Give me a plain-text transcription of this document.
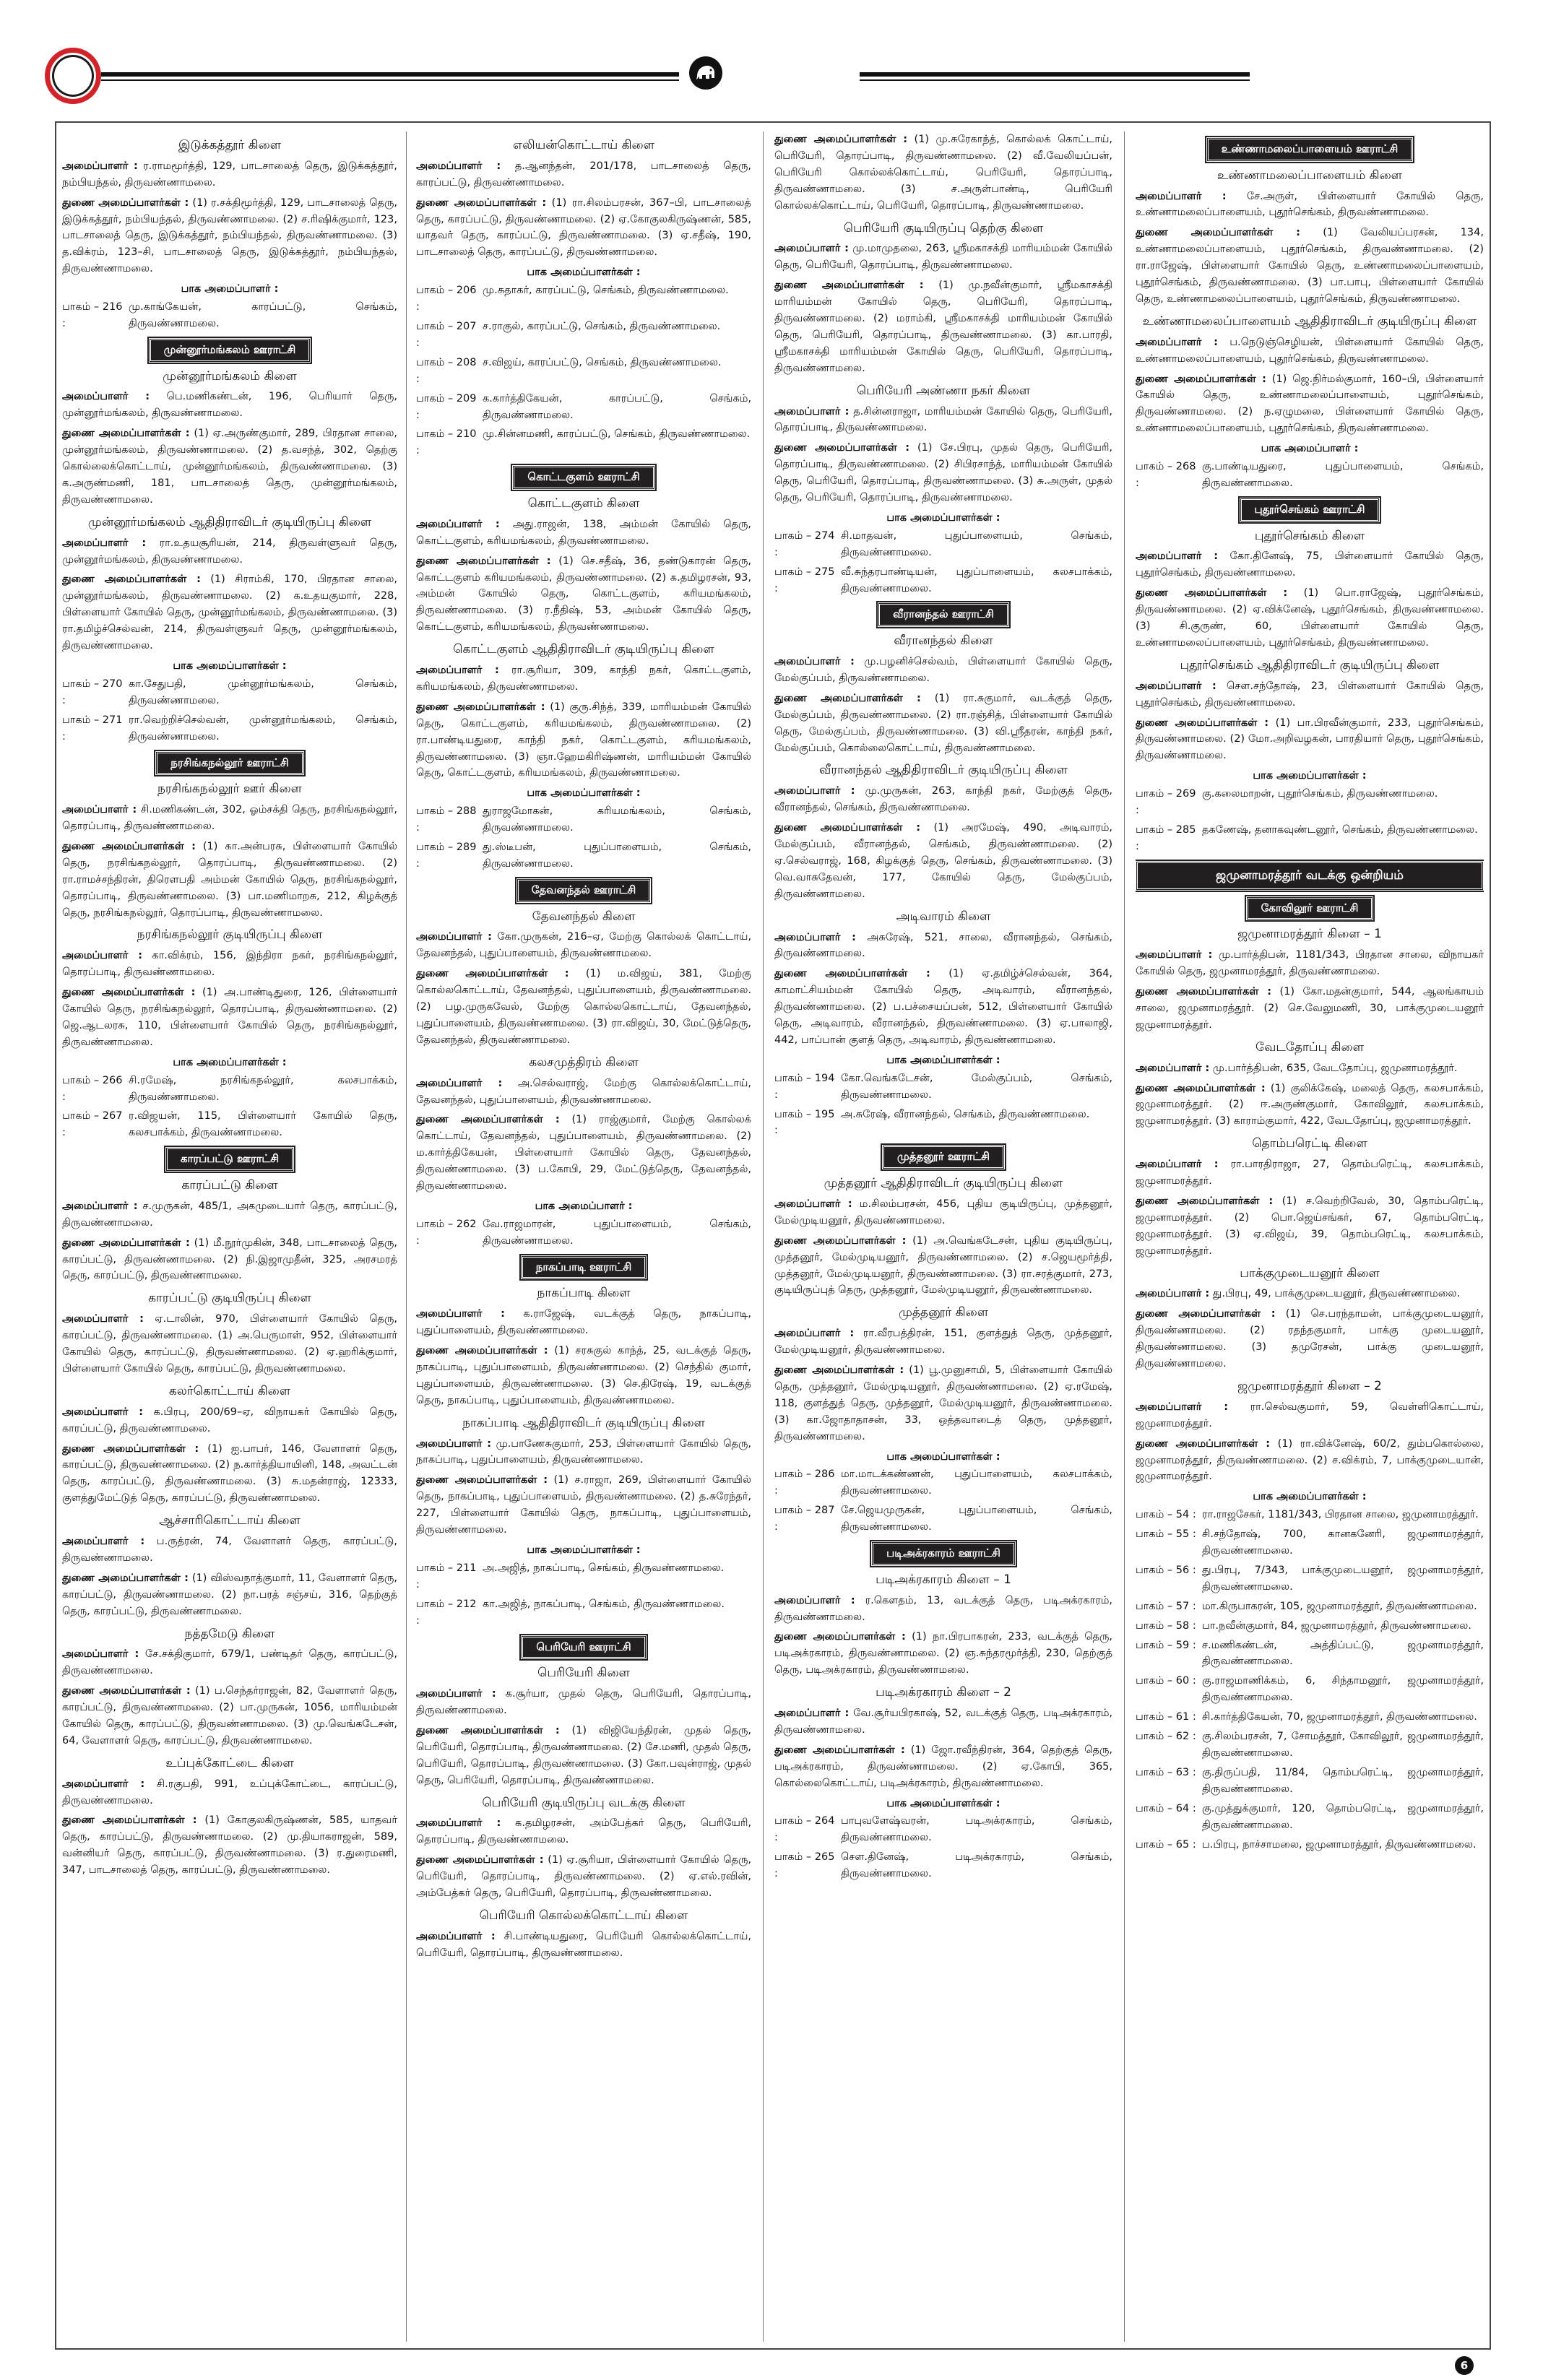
இடுக்கத்தூர் கிளை
அமைப்பாளர் : ர.ராமமூர்த்தி, 129, பாடசாலைத் தெரு, இடுக்கத்தூர், நம்பியந்தல், திருவண்ணாமலை.
துணை அமைப்பாளர்கள் : (1) ர.சக்திமூர்த்தி, 129, பாடசாலைத் தெரு, இடுக்கத்தூர், நம்பியந்தல், திருவண்ணாமலை. (2) ச.ரிஷிக்குமார், 123, பாடசாலைத் தெரு, இடுக்கத்தூர், நம்பியந்தல், திருவண்ணாமலை. (3) த.விக்ரம், 123–சி, பாடசாலைத் தெரு, இடுக்கத்தூர், நம்பியந்தல், திருவண்ணாமலை.
பாக அமைப்பாளர் :
பாகம் – 216 :
மு.காங்கேயன், காரப்பட்டு, செங்கம், திருவண்ணாமலை.
முன்னூர்மங்கலம் ஊராட்சி
முன்னூர்மங்கலம் கிளை
அமைப்பாளர் : பெ.மணிகண்டன், 196, பெரியார் தெரு, முன்னூர்மங்கலம், திருவண்ணாமலை.
துணை அமைப்பாளர்கள் : (1) ஏ.அருண்குமார், 289, பிரதான சாலை, முன்னூர்மங்கலம், திருவண்ணாமலை. (2) த.வசந்த், 302, தெற்கு கொல்லைக்கொட்டாய், முன்னூர்மங்கலம், திருவண்ணாமலை. (3) க.அருண்மணி, 181, பாடசாலைத் தெரு, முன்னூர்மங்கலம், திருவண்ணாமலை.
முன்னூர்மங்கலம் ஆதிதிராவிடர் குடியிருப்பு கிளை
அமைப்பாளர் : ரா.உதயசூரியன், 214, திருவள்ளுவர் தெரு, முன்னூர்மங்கலம், திருவண்ணாமலை.
துணை அமைப்பாளர்கள் : (1) சிராம்கி, 170, பிரதான சாலை, முன்னூர்மங்கலம், திருவண்ணாமலை. (2) க.உதயகுமார், 228, பிள்ளையார் கோயில் தெரு, முன்னூர்மங்கலம், திருவண்ணாமலை. (3) ரா.தமிழ்ச்செல்வன், 214, திருவள்ளுவர் தெரு, முன்னூர்மங்கலம், திருவண்ணாமலை.
பாக அமைப்பாளர்கள் :
பாகம் – 270 :
கா.சேதுபதி, முன்னூர்மங்கலம், செங்கம், திருவண்ணாமலை.
பாகம் – 271 :
ரா.வெற்றிச்செல்வன், முன்னூர்மங்கலம், செங்கம், திருவண்ணாமலை.
நரசிங்கநல்லூர் ஊராட்சி
நரசிங்கநல்லூர் ஊர் கிளை
அமைப்பாளர் : சி.மணிகண்டன், 302, ஓம்சக்தி தெரு, நரசிங்கநல்லூர், தொரப்பாடி, திருவண்ணாமலை.
துணை அமைப்பாளர்கள் : (1) கா.அன்பரசு, பிள்ளையார் கோயில் தெரு, நரசிங்கநல்லூர், தொரப்பாடி, திருவண்ணாமலை. (2) ரா.ராமச்சந்திரன், திரௌபதி அம்மன் கோயில் தெரு, நரசிங்கநல்லூர், தொரப்பாடி, திருவண்ணாமலை. (3) பா.மணிமாறசு, 212, கிழக்குத் தெரு, நரசிங்கநல்லூர், தொரப்பாடி, திருவண்ணாமலை.
நரசிங்கநல்லூர் குடியிருப்பு கிளை
அமைப்பாளர் : கா.விக்ரம், 156, இந்திரா நகர், நரசிங்கநல்லூர், தொரப்பாடி, திருவண்ணாமலை.
துணை அமைப்பாளர்கள் : (1) அ.பாண்டிதுரை, 126, பிள்ளையார் கோயில் தெரு, நரசிங்கநல்லூர், தொரப்பாடி, திருவண்ணாமலை. (2) ஜெ.ஆடலரசு, 110, பிள்ளையார் கோயில் தெரு, நரசிங்கநல்லூர், திருவண்ணாமலை.
பாக அமைப்பாளர்கள் :
பாகம் – 266 :
சி.ரமேஷ், நரசிங்கநல்லூர், கலசபாக்கம், திருவண்ணாமலை.
பாகம் – 267 :
ர.விஜயன், 115, பிள்ளையார் கோயில் தெரு, கலசபாக்கம், திருவண்ணாமலை.
காரப்பட்டு ஊராட்சி
காரப்பட்டு கிளை
அமைப்பாளர் : ச.முருகன், 485/1, அகமுடையார் தெரு, காரப்பட்டு, திருவண்ணாமலை.
துணை அமைப்பாளர்கள் : (1) மீ.நூர்முகின், 348, பாடசாலைத் தெரு, காரப்பட்டு, திருவண்ணாமலை. (2) நி.இஜாமுதீன், 325, அரசமரத் தெரு, காரப்பட்டு, திருவண்ணாமலை.
காரப்பட்டு குடியிருப்பு கிளை
அமைப்பாளர் : ஏ.டாலின், 970, பிள்ளையார் கோயில் தெரு, காரப்பட்டு, திருவண்ணாமலை. (1) அ.பெருமாள், 952, பிள்ளையார் கோயில் தெரு, காரப்பட்டு, திருவண்ணாமலை. (2) ஏ.ஹரிக்குமார், பிள்ளையார் கோயில் தெரு, காரப்பட்டு, திருவண்ணாமலை.
கலர்கொட்டாய் கிளை
அமைப்பாளர் : க.பிரபு, 200/69–ஏ, விநாயகர் கோயில் தெரு, காரப்பட்டு, திருவண்ணாமலை.
துணை அமைப்பாளர்கள் : (1) ஐ.பாபர், 146, வேளாளர் தெரு, காரப்பட்டு, திருவண்ணாமலை. (2) ந.கார்த்தியாயினி, 148, அவட்டன் தெரு, காரப்பட்டு, திருவண்ணாமலை. (3) சு.மதன்ராஜ், 12333, குளத்துமேட்டுத் தெரு, காரப்பட்டு, திருவண்ணாமலை.
ஆச்சாரிகொட்டாய் கிளை
அமைப்பாளர் : ப.ருத்ரன், 74, வேளாளர் தெரு, காரப்பட்டு, திருவண்ணாமலை.
துணை அமைப்பாளர்கள் : (1) விஸ்வநாத்குமார், 11, வேளாளர் தெரு, காரப்பட்டு, திருவண்ணாமலை. (2) நா.பரத் சஞ்சய், 316, தெற்குத் தெரு, காரப்பட்டு, திருவண்ணாமலை.
நத்தமேடு கிளை
அமைப்பாளர் : சே.சக்திகுமார், 679/1, பண்டிதர் தெரு, காரப்பட்டு, திருவண்ணாமலை.
துணை அமைப்பாளர்கள் : (1) ப.செந்தர்ராஜன், 82, வேளாளர் தெரு, காரப்பட்டு, திருவண்ணாமலை. (2) பா.முருகன், 1056, மாரியம்மன் கோயில் தெரு, காரப்பட்டு, திருவண்ணாமலை. (3) மு.வெங்கடேசன், 64, வேளாளர் தெரு, காரப்பட்டு, திருவண்ணாமலை.
உப்புக்கோட்டை கிளை
அமைப்பாளர் : சி.ரகுபதி, 991, உப்புக்கோட்டை, காரப்பட்டு, திருவண்ணாமலை.
துணை அமைப்பாளர்கள் : (1) கோகுலகிருஷ்ணன், 585, யாதவர் தெரு, காரப்பட்டு, திருவண்ணாமலை. (2) மு.தியாகராஜன், 589, வன்னியர் தெரு, காரப்பட்டு, திருவண்ணாமலை. (3) ர.துரைமணி, 347, பாடசாலைத் தெரு, காரப்பட்டு, திருவண்ணாமலை.
எலியன்கொட்டாய் கிளை
அமைப்பாளர் : த.ஆனந்தன், 201/178, பாடசாலைத் தெரு, காரப்பட்டு, திருவண்ணாமலை.
துணை அமைப்பாளர்கள் : (1) ரா.சிலம்பரசன், 367–பி, பாடசாலைத் தெரு, காரப்பட்டு, திருவண்ணாமலை. (2) ஏ.கோகுலகிருஷ்ணன், 585, யாதவர் தெரு, காரப்பட்டு, திருவண்ணாமலை. (3) ஏ.சதீஷ், 190, பாடசாலைத் தெரு, காரப்பட்டு, திருவண்ணாமலை.
பாக அமைப்பாளர்கள் :
பாகம் – 206 :
மு.சுதாகர், காரப்பட்டு, செங்கம், திருவண்ணாமலை.
பாகம் – 207 :
ச.ராகுல், காரப்பட்டு, செங்கம், திருவண்ணாமலை.
பாகம் – 208 :
ச.விஜய், காரப்பட்டு, செங்கம், திருவண்ணாமலை.
பாகம் – 209 :
க.கார்த்திகேயன், காரப்பட்டு, செங்கம், திருவண்ணாமலை.
பாகம் – 210 :
மு.சின்னமணி, காரப்பட்டு, செங்கம், திருவண்ணாமலை.
கொட்டகுளம் ஊராட்சி
கொட்டகுளம் கிளை
அமைப்பாளர் : அது.ராஜன், 138, அம்மன் கோயில் தெரு, கொட்டகுளம், கரியமங்கலம், திருவண்ணாமலை.
துணை அமைப்பாளர்கள் : (1) செ.சதீஷ், 36, தண்டுகாரன் தெரு, கொட்டகுளம் கரியமங்கலம், திருவண்ணாமலை. (2) க.தமிழரசன், 93, அம்மன் கோயில் தெரு, கொட்டகுளம், கரியமங்கலம், திருவண்ணாமலை. (3) ர.நீதிஷ், 53, அம்மன் கோயில் தெரு, கொட்டகுளம், கரியமங்கலம், திருவண்ணாமலை.
கொட்டகுளம் ஆதிதிராவிடர் குடியிருப்பு கிளை
அமைப்பாளர் : ரா.சூரியா, 309, காந்தி நகர், கொட்டகுளம், கரியமங்கலம், திருவண்ணாமலை.
துணை அமைப்பாளர்கள் : (1) குரு.சிந்த், 339, மாரியம்மன் கோயில் தெரு, கொட்டகுளம், கரியமங்கலம், திருவண்ணாமலை. (2) ரா.பாண்டியதுரை, காந்தி நகர், கொட்டகுளம், கரியமங்கலம், திருவண்ணாமலை. (3) ஞா.ஹேமகிரிஷ்ணன், மாரியம்மன் கோயில் தெரு, கொட்டகுளம், கரியமங்கலம், திருவண்ணாமலை.
பாக அமைப்பாளர்கள் :
பாகம் – 288 :
துராஜமோகன், கரியமங்கலம், செங்கம், திருவண்ணாமலை.
பாகம் – 289 :
து.ஸ்டீபன், புதுப்பாளையம், செங்கம், திருவண்ணாமலை.
தேவனந்தல் ஊராட்சி
தேவனந்தல் கிளை
அமைப்பாளர் : கோ.முருகன், 216–ஏ, மேற்கு கொல்லக் கொட்டாய், தேவனந்தல், புதுப்பாளையம், திருவண்ணாமலை.
துணை அமைப்பாளர்கள் : (1) ம.விஜய், 381, மேற்கு கொல்லகொட்டாய், தேவனந்தல், புதுப்பாளையம், திருவண்ணாமலை. (2) பழ.முருகவேல், மேற்கு கொல்லகொட்டாய், தேவனந்தல், புதுப்பாளையம், திருவண்ணாமலை. (3) ரா.விஜய், 30, மேட்டுத்தெரு, தேவனந்தல், திருவண்ணாமலை.
கலசமுத்திரம் கிளை
அமைப்பாளர் : அ.செல்வராஜ், மேற்கு கொல்லக்கொட்டாய், தேவனந்தல், புதுப்பாளையம், திருவண்ணாமலை.
துணை அமைப்பாளர்கள் : (1) ராஜ்குமார், மேற்கு கொல்லக் கொட்டாய், தேவனந்தல், புதுப்பாளையம், திருவண்ணாமலை. (2) ம.கார்த்திகேயன், பிள்ளையார் கோயில் தெரு, தேவனந்தல், திருவண்ணாமலை. (3) ப.கோபி, 29, மேட்டுத்தெரு, தேவனந்தல், திருவண்ணாமலை.
பாக அமைப்பாளர் :
பாகம் – 262 :
வே.ராஜமாரன், புதுப்பாளையம், செங்கம், திருவண்ணாமலை.
நாகப்பாடி ஊராட்சி
நாகப்பாடி கிளை
அமைப்பாளர் : க.ராஜேஷ், வடக்குத் தெரு, நாகப்பாடி, புதுப்பாளையம், திருவண்ணாமலை.
துணை அமைப்பாளர்கள் : (1) சரசுகுல் காந்த், 25, வடக்குத் தெரு, நாகப்பாடி, புதுப்பாளையம், திருவண்ணாமலை. (2) செந்தில் குமார், புதுப்பாளையம், திருவண்ணாமலை. (3) செ.திரேஷ், 19, வடக்குத் தெரு, நாகப்பாடி, புதுப்பாளையம், திருவண்ணாமலை.
நாகப்பாடி ஆதிதிராவிடர் குடியிருப்பு கிளை
அமைப்பாளர் : மு.பாணேசுகுமார், 253, பிள்ளையார் கோயில் தெரு, நாகப்பாடி, புதுப்பாளையம், திருவண்ணாமலை.
துணை அமைப்பாளர்கள் : (1) ச.ராஜா, 269, பிள்ளையார் கோயில் தெரு, நாகப்பாடி, புதுப்பாளையம், திருவண்ணாமலை. (2) த.சுரேந்தர், 227, பிள்ளையார் கோயில் தெரு, நாகப்பாடி, புதுப்பாளையம், திருவண்ணாமலை.
பாக அமைப்பாளர்கள் :
பாகம் – 211 :
அ.அஜித், நாகப்பாடி, செங்கம், திருவண்ணாமலை.
பாகம் – 212 :
கா.அஜித், நாகப்பாடி, செங்கம், திருவண்ணாமலை.
பெரியேரி ஊராட்சி
பெரியேரி கிளை
அமைப்பாளர் : க.சூர்யா, முதல் தெரு, பெரியேரி, தொரப்பாடி, திருவண்ணாமலை.
துணை அமைப்பாளர்கள் : (1) விஜியேந்திரன், முதல் தெரு, பெரியேரி, தொரப்பாடி, திருவண்ணாமலை. (2) சே.மணி, முதல் தெரு, பெரியேரி, தொரப்பாடி, திருவண்ணாமலை. (3) கோ.பவுன்ராஜ், முதல் தெரு, பெரியேரி, தொரப்பாடி, திருவண்ணாமலை.
பெரியேரி குடியிருப்பு வடக்கு கிளை
அமைப்பாளர் : க.தமிழரசன், அம்பேத்கர் தெரு, பெரியேரி, தொரப்பாடி, திருவண்ணாமலை.
துணை அமைப்பாளர்கள் : (1) ஏ.சூரியா, பிள்ளையார் கோயில் தெரு, பெரியேரி, தொரப்பாடி, திருவண்ணாமலை. (2) ஏ.எல்.ரவின், அம்பேத்கர் தெரு, பெரியேரி, தொரப்பாடி, திருவண்ணாமலை.
பெரியேரி கொல்லக்கொட்டாய் கிளை
அமைப்பாளர் : சி.பாண்டியதுரை, பெரியேரி கொல்லக்கொட்டாய், பெரியேரி, தொரப்பாடி, திருவண்ணாமலை.
துணை அமைப்பாளர்கள் : (1) மு.சுரேகாந்த், கொல்லக் கொட்டாய், பெரியேரி, தொரப்பாடி, திருவண்ணாமலை. (2) வீ.வேலியப்பன், பெரியேரி கொல்லக்கொட்டாய், பெரியேரி, தொரப்பாடி, திருவண்ணாமலை. (3) ச.அருள்பாண்டி, பெரியேரி கொல்லக்கொட்டாய், பெரியேரி, தொரப்பாடி, திருவண்ணாமலை.
பெரியேரி குடியிருப்பு தெற்கு கிளை
அமைப்பாளர் : மு.மாமுதலை, 263, ஸ்ரீமகாசக்தி மாரியம்மன் கோயில் தெரு, பெரியேரி, தொரப்பாடி, திருவண்ணாமலை.
துணை அமைப்பாளர்கள் : (1) மு.நவீன்குமார், ஸ்ரீமகாசக்தி மாரியம்மன் கோயில் தெரு, பெரியேரி, தொரப்பாடி, திருவண்ணாமலை. (2) மராம்கி, ஸ்ரீமகாசக்தி மாரியம்மன் கோயில் தெரு, பெரியேரி, தொரப்பாடி, திருவண்ணாமலை. (3) கா.பாரதி, ஸ்ரீமகாசக்தி மாரியம்மன் கோயில் தெரு, பெரியேரி, தொரப்பாடி, திருவண்ணாமலை.
பெரியேரி அண்ணா நகர் கிளை
அமைப்பாளர் : த.சின்னராஜா, மாரியம்மன் கோயில் தெரு, பெரியேரி, தொரப்பாடி, திருவண்ணாமலை.
துணை அமைப்பாளர்கள் : (1) சே.பிரபு, முதல் தெரு, பெரியேரி, தொரப்பாடி, திருவண்ணாமலை. (2) சிபிரசாந்த், மாரியம்மன் கோயில் தெரு, பெரியேரி, தொரப்பாடி, திருவண்ணாமலை. (3) சு.அருள், முதல் தெரு, பெரியேரி, தொரப்பாடி, திருவண்ணாமலை.
பாக அமைப்பாளர்கள் :
பாகம் – 274 :
சி.மாதவன், புதுப்பாளையம், செங்கம், திருவண்ணாமலை.
பாகம் – 275 :
வீ.சுந்தரபாண்டியன், புதுப்பாளையம், கலசபாக்கம், திருவண்ணாமலை.
வீரானந்தல் ஊராட்சி
வீரானந்தல் கிளை
அமைப்பாளர் : மு.பழனிச்செல்வம், பிள்ளையார் கோயில் தெரு, மேல்குப்பம், திருவண்ணாமலை.
துணை அமைப்பாளர்கள் : (1) ரா.சுகுமார், வடக்குத் தெரு, மேல்குப்பம், திருவண்ணாமலை. (2) ரா.ரஞ்சித், பிள்ளையார் கோயில் தெரு, மேல்குப்பம், திருவண்ணாமலை. (3) வி.ஸ்ரீதரன், காந்தி நகர், மேல்குப்பம், கொல்லைகொட்டாய், திருவண்ணாமலை.
வீரானந்தல் ஆதிதிராவிடர் குடியிருப்பு கிளை
அமைப்பாளர் : மு.முருகன், 263, காந்தி நகர், மேற்குத் தெரு, வீரானந்தல், செங்கம், திருவண்ணாமலை.
துணை அமைப்பாளர்கள் : (1) அரமேஷ், 490, அடிவாரம், மேல்குப்பம், வீரானந்தல், செங்கம், திருவண்ணாமலை. (2) ஏ.செல்வராஜ், 168, கிழக்குத் தெரு, செங்கம், திருவண்ணாமலை. (3) வெ.வாசுதேவன், 177, கோயில் தெரு, மேல்குப்பம், திருவண்ணாமலை.
அடிவாரம் கிளை
அமைப்பாளர் : அசுரேஷ், 521, சாலை, வீரானந்தல், செங்கம், திருவண்ணாமலை.
துணை அமைப்பாளர்கள் : (1) ஏ.தமிழ்ச்செல்வன், 364, காமாட்சியம்மன் கோயில் தெரு, அடிவாரம், வீரானந்தல், திருவண்ணாமலை. (2) ப.பச்சையப்பன், 512, பிள்ளையார் கோயில் தெரு, அடிவாரம், வீரானந்தல், திருவண்ணாமலை. (3) ஏ.பாலாஜி, 442, பாப்பான் குளத் தெரு, அடிவாரம், திருவண்ணாமலை.
பாக அமைப்பாளர்கள் :
பாகம் – 194 :
கோ.வெங்கடேசன், மேல்குப்பம், செங்கம், திருவண்ணாமலை.
பாகம் – 195 :
அ.சுரேஷ், வீரானந்தல், செங்கம், திருவண்ணாமலை.
முத்தனூர் ஊராட்சி
முத்தனூர் ஆதிதிராவிடர் குடியிருப்பு கிளை
அமைப்பாளர் : ம.சிலம்பரசன், 456, புதிய குடியிருப்பு, முத்தனூர், மேல்முடியனூர், திருவண்ணாமலை.
துணை அமைப்பாளர்கள் : (1) அ.வெங்கடேசன், புதிய குடியிருப்பு, முத்தனூர், மேல்முடியனூர், திருவண்ணாமலை. (2) ச.ஜெயமூர்த்தி, முத்தனூர், மேல்முடியனூர், திருவண்ணாமலை. (3) ரா.சரத்குமார், 273, குடியிருப்புத் தெரு, முத்தனூர், மேல்முடியனூர், திருவண்ணாமலை.
முத்தனூர் கிளை
அமைப்பாளர் : ரா.வீரபத்திரன், 151, குளத்துத் தெரு, முத்தனூர், மேல்முடியனூர், திருவண்ணாமலை.
துணை அமைப்பாளர்கள் : (1) பூ.முனுசாமி, 5, பிள்ளையார் கோயில் தெரு, முத்தனூர், மேல்முடியனூர், திருவண்ணாமலை. (2) ஏ.ரமேஷ், 118, குளத்துத் தெரு, முத்தனூர், மேல்முடியனூர், திருவண்ணாமலை. (3) கா.ஜோதாதாசன், 33, ஒத்தவாடைத் தெரு, முத்தனூர், திருவண்ணாமலை.
பாக அமைப்பாளர்கள் :
பாகம் – 286 :
மா.மாடக்கண்ணன், புதுப்பாளையம், கலசபாக்கம், திருவண்ணாமலை.
பாகம் – 287 :
சே.ஜெயமுருகன், புதுப்பாளையம், செங்கம், திருவண்ணாமலை.
படிஅக்ரகாரம் ஊராட்சி
படிஅக்ரகாரம் கிளை – 1
அமைப்பாளர் : ர.கௌதம், 13, வடக்குத் தெரு, படிஅக்ரகாரம், திருவண்ணாமலை.
துணை அமைப்பாளர்கள் : (1) நா.பிரபாகரன், 233, வடக்குத் தெரு, படிஅக்ரகாரம், திருவண்ணாமலை. (2) ஞ.சுந்தரமூர்த்தி, 230, தெற்குத் தெரு, படிஅக்ரகாரம், திருவண்ணாமலை.
படிஅக்ரகாரம் கிளை – 2
அமைப்பாளர் : வே.சூர்யபிரகாஷ், 52, வடக்குத் தெரு, படிஅக்ரகாரம், திருவண்ணாமலை.
துணை அமைப்பாளர்கள் : (1) ஜோ.ரவீந்திரன், 364, தெற்குத் தெரு, படிஅக்ரகாரம், திருவண்ணாமலை. (2) ஏ.கோபி, 365, கொல்லைகொட்டாய், படிஅக்ரகாரம், திருவண்ணாமலை.
பாக அமைப்பாளர்கள் :
பாகம் – 264 :
பாபுவளேஷ்வரன், படிஅக்ரகாரம், செங்கம், திருவண்ணாமலை.
பாகம் – 265 :
சௌ.தினேஷ், படிஅக்ரகாரம், செங்கம், திருவண்ணாமலை.
உண்ணாமலைப்பாளையம் ஊராட்சி
உண்ணாமலைப்பாளையம் கிளை
அமைப்பாளர் : சே.அருள், பிள்ளையார் கோயில் தெரு, உண்ணாமலைப்பாளையம், புதூர்செங்கம், திருவண்ணாமலை.
துணை அமைப்பாளர்கள் : (1) வேலியப்பரசன், 134, உண்ணாமலைப்பாளையம், புதூர்செங்கம், திருவண்ணாமலை. (2) ரா.ராஜேஷ், பிள்ளையார் கோயில் தெரு, உண்ணாமலைப்பாளையம், புதூர்செங்கம், திருவண்ணாமலை. (3) பா.பாபு, பிள்ளையார் கோயில் தெரு, உண்ணாமலைப்பாளையம், புதூர்செங்கம், திருவண்ணாமலை.
உண்ணாமலைப்பாளையம் ஆதிதிராவிடர் குடியிருப்பு கிளை
அமைப்பாளர் : ப.நெடுஞ்செழியன், பிள்ளையார் கோயில் தெரு, உண்ணாமலைப்பாளையம், புதூர்செங்கம், திருவண்ணாமலை.
துணை அமைப்பாளர்கள் : (1) ஜெ.நிர்மல்குமார், 160–பி, பிள்ளையார் கோயில் தெரு, உண்ணாமலைப்பாளையம், புதூர்செங்கம், திருவண்ணாமலை. (2) ந.ஏழுமலை, பிள்ளையார் கோயில் தெரு, உண்ணாமலைப்பாளையம், புதூர்செங்கம், திருவண்ணாமலை.
பாக அமைப்பாளர் :
பாகம் – 268 :
கு.பாண்டியதுரை, புதுப்பாளையம், செங்கம், திருவண்ணாமலை.
புதூர்செங்கம் ஊராட்சி
புதூர்செங்கம் கிளை
அமைப்பாளர் : கோ.தினேஷ், 75, பிள்ளையார் கோயில் தெரு, புதூர்செங்கம், திருவண்ணாமலை.
துணை அமைப்பாளர்கள் : (1) பொ.ராஜேஷ், புதூர்செங்கம், திருவண்ணாமலை. (2) ஏ.விக்னேஷ், புதூர்செங்கம், திருவண்ணாமலை. (3) சி.குருண், 60, பிள்ளையார் கோயில் தெரு, உண்ணாமலைப்பாளையம், புதூர்செங்கம், திருவண்ணாமலை.
புதூர்செங்கம் ஆதிதிராவிடர் குடியிருப்பு கிளை
அமைப்பாளர் : சௌ.சந்தோஷ், 23, பிள்ளையார் கோயில் தெரு, புதூர்செங்கம், திருவண்ணாமலை.
துணை அமைப்பாளர்கள் : (1) பா.பிரவீன்குமார், 233, புதூர்செங்கம், திருவண்ணாமலை. (2) மோ.அறிவழகன், பாரதியார் தெரு, புதூர்செங்கம், திருவண்ணாமலை.
பாக அமைப்பாளர்கள் :
பாகம் – 269 :
கு.கலைமாறன், புதூர்செங்கம், திருவண்ணாமலை.
பாகம் – 285 :
தகணேஷ், தனாகவுண்டனூர், செங்கம், திருவண்ணாமலை.
ஜமுனாமரத்தூர் வடக்கு ஒன்றியம்
கோவிலூர் ஊராட்சி
ஜமுனாமரத்தூர் கிளை – 1
அமைப்பாளர் : மு.பார்த்திபன், 1181/343, பிரதான சாலை, விநாயகர் கோயில் தெரு, ஜமுனாமரத்தூர், திருவண்ணாமலை.
துணை அமைப்பாளர்கள் : (1) கோ.மதன்குமார், 544, ஆலங்காயம் சாலை, ஜமுனாமரத்தூர். (2) செ.வேலுமணி, 30, பாக்குமுடையனூர் ஜமுனாமரத்தூர்.
வேடதோப்பு கிளை
அமைப்பாளர் : மு.பார்த்திபன், 635, வேடதோப்பு, ஜமுனாமரத்தூர்.
துணை அமைப்பாளர்கள் : (1) குலிக்கேஷ், மலைத் தெரு, கலசபாக்கம், ஜமுனாமரத்தூர். (2) ஈ.அருண்குமார், கோவிலூர், கலசபாக்கம், ஜமுனாமரத்தூர். (3) காராம்குமார், 422, வேடதோப்பு, ஜமுனாமரத்தூர்.
தொம்பரெட்டி கிளை
அமைப்பாளர் : ரா.பாரதிராஜா, 27, தொம்பரெட்டி, கலசபாக்கம், ஜமுனாமரத்தூர்.
துணை அமைப்பாளர்கள் : (1) ச.வெற்றிவேல், 30, தொம்பரெட்டி, ஜமுனாமரத்தூர். (2) பொ.ஜெய்சங்கர், 67, தொம்பரெட்டி, ஜமுனாமரத்தூர். (3) ஏ.விஜய், 39, தொம்பரெட்டி, கலசபாக்கம், ஜமுனாமரத்தூர்.
பாக்குமுடையனூர் கிளை
அமைப்பாளர் : து.பிரபு, 49, பாக்குமுடையனூர், திருவண்ணாமலை.
துணை அமைப்பாளர்கள் : (1) செ.பரந்தாமன், பாக்குமுடையனூர், திருவண்ணாமலை. (2) ரதந்தகுமார், பாக்கு முடையனூர், திருவண்ணாமலை. (3) தமுரேசன், பாக்கு முடையனூர், திருவண்ணாமலை.
ஜமுனாமரத்தூர் கிளை – 2
அமைப்பாளர் : ரா.செல்வகுமார், 59, வெள்ளிகொட்டாய், ஜமுனாமரத்தூர்.
துணை அமைப்பாளர்கள் : (1) ரா.விக்னேஷ், 60/2, தும்பகொல்லை, ஜமுனாமரத்தூர், திருவண்ணாமலை. (2) ச.விக்ரம், 7, பாக்குமுடையான், ஜமுனாமரத்தூர்.
பாக அமைப்பாளர்கள் :
பாகம் – 54 : ரா.ராஜசேகர், 1181/343, பிரதான சாலை, ஜமுனாமரத்தூர்.
பாகம் – 55 : சி.சந்தோஷ், 700, கானகனேரி, ஜமுனாமரத்தூர், திருவண்ணாமலை.
பாகம் – 56 : து.பிரபு, 7/343, பாக்குமுடையனூர், ஜமுனாமரத்தூர், திருவண்ணாமலை.
பாகம் – 57 : மா.கிருபாகரன், 105, ஜமுனாமரத்தூர், திருவண்ணாமலை.
பாகம் – 58 : பா.நவீன்குமார், 84, ஜமுனாமரத்தூர், திருவண்ணாமலை.
பாகம் – 59 : ச.மணிகண்டன், அத்திப்பட்டு, ஜமுனாமரத்தூர், திருவண்ணாமலை.
பாகம் – 60 : கு.ராஜமாணிக்கம், 6, சிந்தாமனூர், ஜமுனாமரத்தூர், திருவண்ணாமலை.
பாகம் – 61 : சி.கார்த்திகேயன், 70, ஜமுனாமரத்தூர், திருவண்ணாமலை.
பாகம் – 62 : கு.சிலம்பரசன், 7, சோமத்தூர், கோவிலூர், ஜமுனாமரத்தூர், திருவண்ணாமலை.
பாகம் – 63 : கு.திருப்பதி, 11/84, தொம்பரெட்டி, ஜமுனாமரத்தூர், திருவண்ணாமலை.
பாகம் – 64 : கு.முத்துக்குமார், 120, தொம்பரெட்டி, ஜமுனாமரத்தூர், திருவண்ணாமலை.
பாகம் – 65 : ப.பிரபு, நாச்சாமலை, ஜமுனாமரத்தூர், திருவண்ணாமலை.
6
